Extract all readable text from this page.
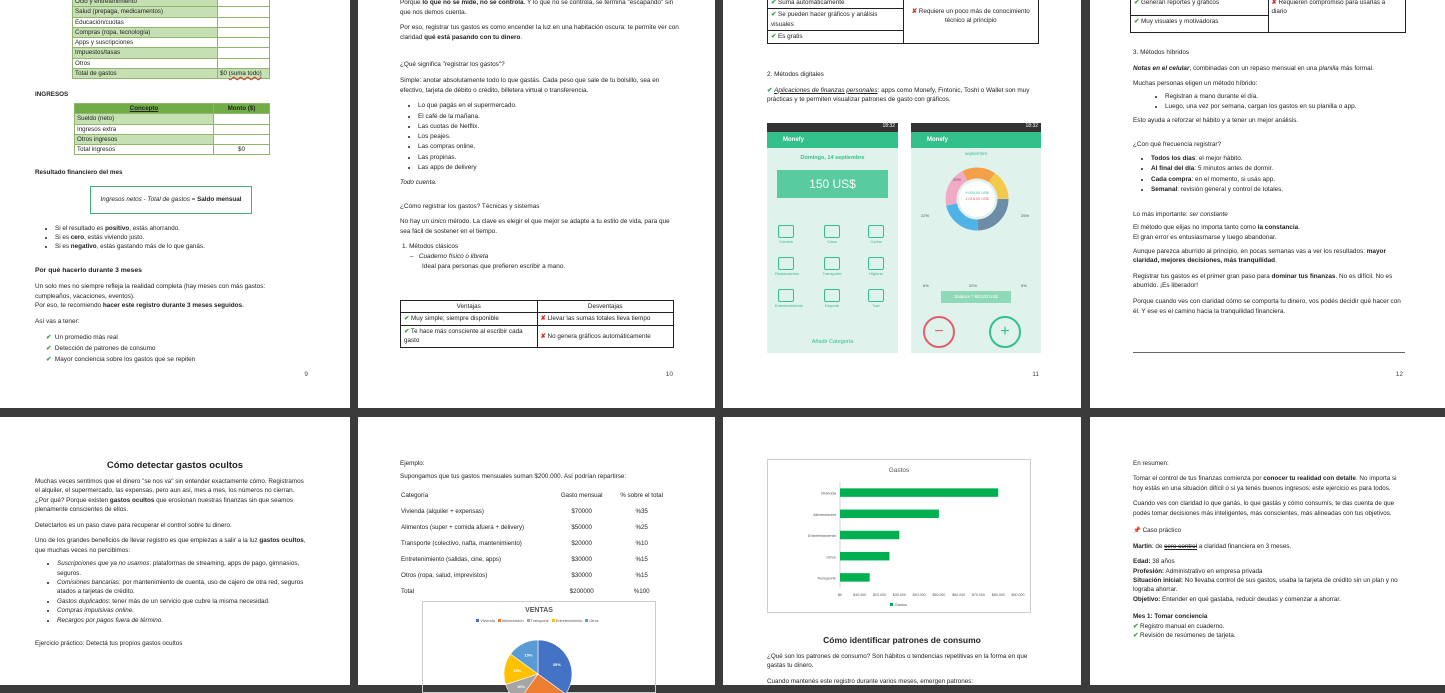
Ocio y entretenimiento	
Salud (prepaga, medicamentos)	
Educación/cuotas	
Compras (ropa, tecnología)	
Apps y suscripciones	
Impuestos/tasas	
Otros	
Total de gastos	$0 (suma todo)
INGRESOS
Concepto	Monto ($)
Sueldo (neto)	
Ingresos extra	
Otros ingresos	
Total ingresos	$0
Resultado financiero del mes
Ingresos netos - Total de gastos = Saldo mensual
• Si el resultado es positivo, estás ahorrando.
• Si es cero, estás viviendo justo.
• Si es negativo, estás gastando más de lo que ganás.
Por qué hacerlo durante 3 meses

Un solo mes no siempre refleja la realidad completa (hay meses con más gastos: cumpleaños, vacaciones, eventos).

Por eso, te recomiendo hacer este registro durante 3 meses seguidos.

Así vas a tener:

✔ Un promedio más real
✔ Detección de patrones de consumo
✔ Mayor conciencia sobre los gastos que se repiten
9

Porque lo que no se mide, no se controla. Y lo que no se controla, se termina "escapando" sin que nos demos cuenta.

Por eso, registrar tus gastos es como encender la luz en una habitación oscura: te permite ver con claridad qué está pasando con tu dinero.

¿Qué significa "registrar los gastos"?

Simple: anotar absolutamente todo lo que gastás. Cada peso que sale de tu bolsillo, sea en efectivo, tarjeta de débito o crédito, billetera virtual o transferencia.

• Lo que pagás en el supermercado.
• El café de la mañana.
• Las cuotas de Netflix.
• Los peajes.
• Las compras online.
• Las propinas.
• Las apps de delivery

Todo cuenta.

¿Cómo registrar los gastos? Técnicas y sistemas

No hay un único método. La clave es elegir el que mejor se adapte a tu estilo de vida, para que sea fácil de sostener en el tiempo.

1. Métodos clásicos

–   Cuaderno físico o libreta

Ideal para personas que prefieren escribir a mano.

Ventajas	Desventajas
✔ Muy simple; siempre disponible	✘ Llevar las sumas totales lleva tiempo
✔ Te hace más consciente al escribir cada gasto	✘ No genera gráficos automáticamente
10
✔ Suma automáticamente	✘ Requiere un poco más de conocimiento técnico al principio
✔ Se pueden hacer gráficos y análisis visuales
✔ Es gratis

2. Métodos digitales

✔ Aplicaciones de finanzas personales: apps como Monefy, Fintonic, Toshl o Wallet son muy prácticas y te permiten visualizar patrones de gasto con gráficos.

18:32
Monefy
Domingo, 14 septiembre
150 US$
Comida	Casa	Coche
Restaurantes	Transporte	Higiene
Entretenimiento	Deporte	Taxi
Añadir Categoría
18:32
Monefy
septiembre
9.000,00 US$
1.018,00 US$
20%
25%
22%
6%	22%	5%
Balance 7.982,00 US$
−	+
11
✔ Generan reportes y gráficos	✘ Requieren compromiso para usarlas a diario
✔ Muy visuales y motivadoras

3. Métodos híbridos

Notas en el celular, combinadas con un repaso mensual en una planilla más formal.

Muchas personas eligen un método híbrido:

• Registran a mano durante el día.
• Luego, una vez por semana, cargan los gastos en su planilla o app.

Esto ayuda a reforzar el hábito y a tener un mejor análisis.

¿Con qué frecuencia registrar?

• Todos los días: el mejor hábito.
• Al final del día: 5 minutos antes de dormir.
• Cada compra: en el momento, si usás app.
• Semanal: revisión general y control de totales.

Lo más importante: ser constante

El método que elijas no importa tanto como la constancia.

El gran error es entusiasmarse y luego abandonar.

Aunque parezca aburrido al principio, en pocas semanas vas a ver los resultados: mayor claridad, mejores decisiones, más tranquilidad.

Registrar tus gastos es el primer gran paso para dominar tus finanzas. No es difícil. No es aburrido. ¡Es liberador!

Porque cuando ves con claridad cómo se comporta tu dinero, vos podés decidir qué hacer con él. Y ese es el camino hacia la tranquilidad financiera.

12
Cómo detectar gastos ocultos

Muchas veces sentimos que el dinero "se nos va" sin entender exactamente cómo. Registramos el alquiler, el supermercado, las expensas, pero aun así, mes a mes, los números no cierran.

¿Por qué? Porque existen gastos ocultos que erosionan nuestras finanzas sin que seamos plenamente conscientes de ellos.

Detectarlos es un paso clave para recuperar el control sobre tu dinero.

Uno de los grandes beneficios de llevar registro es que empiezas a salir a la luz gastos ocultos, que muchas veces no percibimos:

• Suscripciones que ya no usamos: plataformas de streaming, apps de pago, gimnasios, seguros.
• Comisiones bancarias: por mantenimiento de cuenta, uso de cajero de otra red, seguros atados a tarjetas de crédito.
• Gastos duplicados: tener más de un servicio que cubre la misma necesidad.
• Compras impulsivas online.
• Recargos por pagos fuera de término.

Ejercicio práctico: Detectá tus propios gastos ocultos

Ejemplo:

Supongamos que tus gastos mensuales suman $200.000. Así podrían repartirse:

Categoría	Gasto mensual	% sobre el total
Vivienda (alquiler + expensas)	$70000	%35
Alimentos (super + comida afuera + delivery)	$50000	%25
Transporte (colectivo, nafta, mantenimiento)	$20000	%10
Entretenimiento (salidas, cine, apps)	$30000	%15
Otros (ropa, salud, imprevistos)	$30000	%15
Total	$200000	%100
VENTAS
Vivienda Alimentación Transporte Entretenimiento Otros
35%
10%
15%
15%
Gastos
Vivienda
Alimentación
Entretenimiento
Otros
Transporte
$0	$10.000 $20.000 $30.000 $40.000 $50.000 $60.000 $70.000 $80.000 $90.000
Gastos
Cómo identificar patrones de consumo

¿Qué son los patrones de consumo? Son hábitos o tendencias repetitivas en la forma en que gastás tu dinero.

Cuando mantenés este registro durante varios meses, emergen patrones:

En resumen:

Tomar el control de tus finanzas comienza por conocer tu realidad con detalle. No importa si hoy estás en una situación difícil o si ya tenés buenos ingresos: este ejercicio es para todos.

Cuando ves con claridad lo que ganás, lo que gastás y cómo consumís, te das cuenta de que podés tomar decisiones más inteligentes, más conscientes, más alineadas con tus objetivos.

📌 Caso práctico

Martín: de cero control a claridad financiera en 3 meses.

Edad: 38 años

Profesión: Administrativo en empresa privada

Situación inicial: No llevaba control de sus gastos, usaba la tarjeta de crédito sin un plan y no lograba ahorrar.

Objetivo: Entender en qué gastaba, reducir deudas y comenzar a ahorrar.

Mes 1: Tomar conciencia

✔ Registro manual en cuaderno.
✔ Revisión de resúmenes de tarjeta.
